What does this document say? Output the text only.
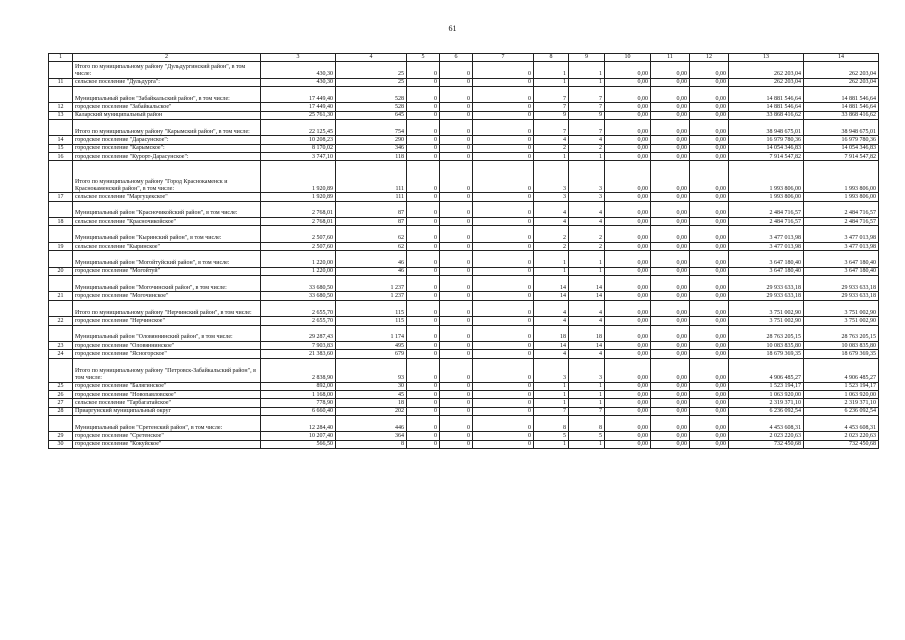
61
1	2	3	4	5	6	7	8	9	10	11	12	13	14
	Итого по муниципальному району "Дульдургинский район", в том числе:	430,30	25	0	0	0	1	1	0,00	0,00	0,00	262 203,04	262 203,04
11	сельское поселение "Дульдурга":	430,30	25	0	0	0	1	1	0,00	0,00	0,00	262 203,04	262 203,04
	Муниципальный район "Забайкальский район", в том числе:	17 449,40	528	0	0	0	7	7	0,00	0,00	0,00	14 881 546,64	14 881 546,64
12	городское поселение "Забайкальское"	17 449,40	528	0	0	0	7	7	0,00	0,00	0,00	14 881 546,64	14 881 546,64
13	Каларский муниципальный район	25 761,30	645	0	0	0	9	9	0,00	0,00	0,00	33 868 416,62	33 868 416,62
	Итого по муниципальному району "Карымский район", в том числе:	22 125,45	754	0	0	0	7	7	0,00	0,00	0,00	38 948 675,01	38 948 675,01
14	городское поселение "Дарасунское":	10 208,23	290	0	0	0	4	4	0,00	0,00	0,00	16 979 780,36	16 979 780,36
15	городское поселение "Карымское":	8 170,02	346	0	0	0	2	2	0,00	0,00	0,00	14 054 346,83	14 054 346,83
16	городское поселение "Курорт-Дарасунское":	3 747,10	118	0	0	0	1	1	0,00	0,00	0,00	7 914 547,82	7 914 547,82
	Итого по муниципальному району "Город Краснокаменск и Краснокаменский район", в том числе:	1 920,89	111	0	0	0	3	3	0,00	0,00	0,00	1 993 806,00	1 993 806,00
17	сельское поселение "Маргуцекское"	1 920,89	111	0	0	0	3	3	0,00	0,00	0,00	1 993 806,00	1 993 806,00
	Муниципальный район "Красночикойский район", в том числе:	2 768,01	87	0	0	0	4	4	0,00	0,00	0,00	2 484 716,57	2 484 716,57
18	сельское поселение "Красночикойское"	2 768,01	87	0	0	0	4	4	0,00	0,00	0,00	2 484 716,57	2 484 716,57
	Муниципальный район "Кыринский район", в том числе:	2 507,60	62	0	0	0	2	2	0,00	0,00	0,00	3 477 013,98	3 477 013,98
19	сельское поселение "Кыринское"	2 507,60	62	0	0	0	2	2	0,00	0,00	0,00	3 477 013,98	3 477 013,98
	Муниципальный район "Могойтуйский район", в том числе:	1 220,00	46	0	0	0	1	1	0,00	0,00	0,00	3 647 180,40	3 647 180,40
20	городское поселение "Могойтуй"	1 220,00	46	0	0	0	1	1	0,00	0,00	0,00	3 647 180,40	3 647 180,40
	Муниципальный район "Могочинский район", в том числе:	33 680,50	1 237	0	0	0	14	14	0,00	0,00	0,00	29 933 633,18	29 933 633,18
21	городское поселение "Могочинское"	33 680,50	1 237	0	0	0	14	14	0,00	0,00	0,00	29 933 633,18	29 933 633,18
	Итого по муниципальному району "Нерчинский район", в том числе:	2 655,70	115	0	0	0	4	4	0,00	0,00	0,00	3 751 002,90	3 751 002,90
22	городское поселение "Нерчинское"	2 655,70	115	0	0	0	4	4	0,00	0,00	0,00	3 751 002,90	3 751 002,90
	Муниципальный район "Оловяннинский район", в том числе:	29 287,43	1 174	0	0	0	18	18	0,00	0,00	0,00	28 763 205,15	28 763 205,15
23	городское поселение "Оловяннинское"	7 903,83	495	0	0	0	14	14	0,00	0,00	0,00	10 083 835,80	10 083 835,80
24	городское поселение "Ясногорское"	21 383,60	679	0	0	0	4	4	0,00	0,00	0,00	18 679 369,35	18 679 369,35
	Итого по муниципальному району "Петровск-Забайкальский район", в том числе:	2 838,90	93	0	0	0	3	3	0,00	0,00	0,00	4 906 485,27	4 906 485,27
25	городское поселение "Балягинское"	892,00	30	0	0	0	1	1	0,00	0,00	0,00	1 523 194,17	1 523 194,17
26	городское поселение "Новопавловское"	1 168,00	45	0	0	0	1	1	0,00	0,00	0,00	1 063 920,00	1 063 920,00
27	сельское поселение "Тарбагатайское"	778,90	18	0	0	0	1	1	0,00	0,00	0,00	2 319 371,10	2 319 371,10
28	Приаргунский муниципальный округ	6 660,40	202	0	0	0	7	7	0,00	0,00	0,00	6 236 092,54	6 236 092,54
	Муниципальный район "Сретенский район", в том числе:	12 284,40	446	0	0	0	8	8	0,00	0,00	0,00	4 453 608,31	4 453 608,31
29	городское поселение "Сретенское"	10 207,40	364	0	0	0	5	5	0,00	0,00	0,00	2 023 220,63	2 023 220,63
30	городское поселение "Кокуйское"	566,50	8	0	0	0	1	1	0,00	0,00	0,00	732 450,68	732 450,68
